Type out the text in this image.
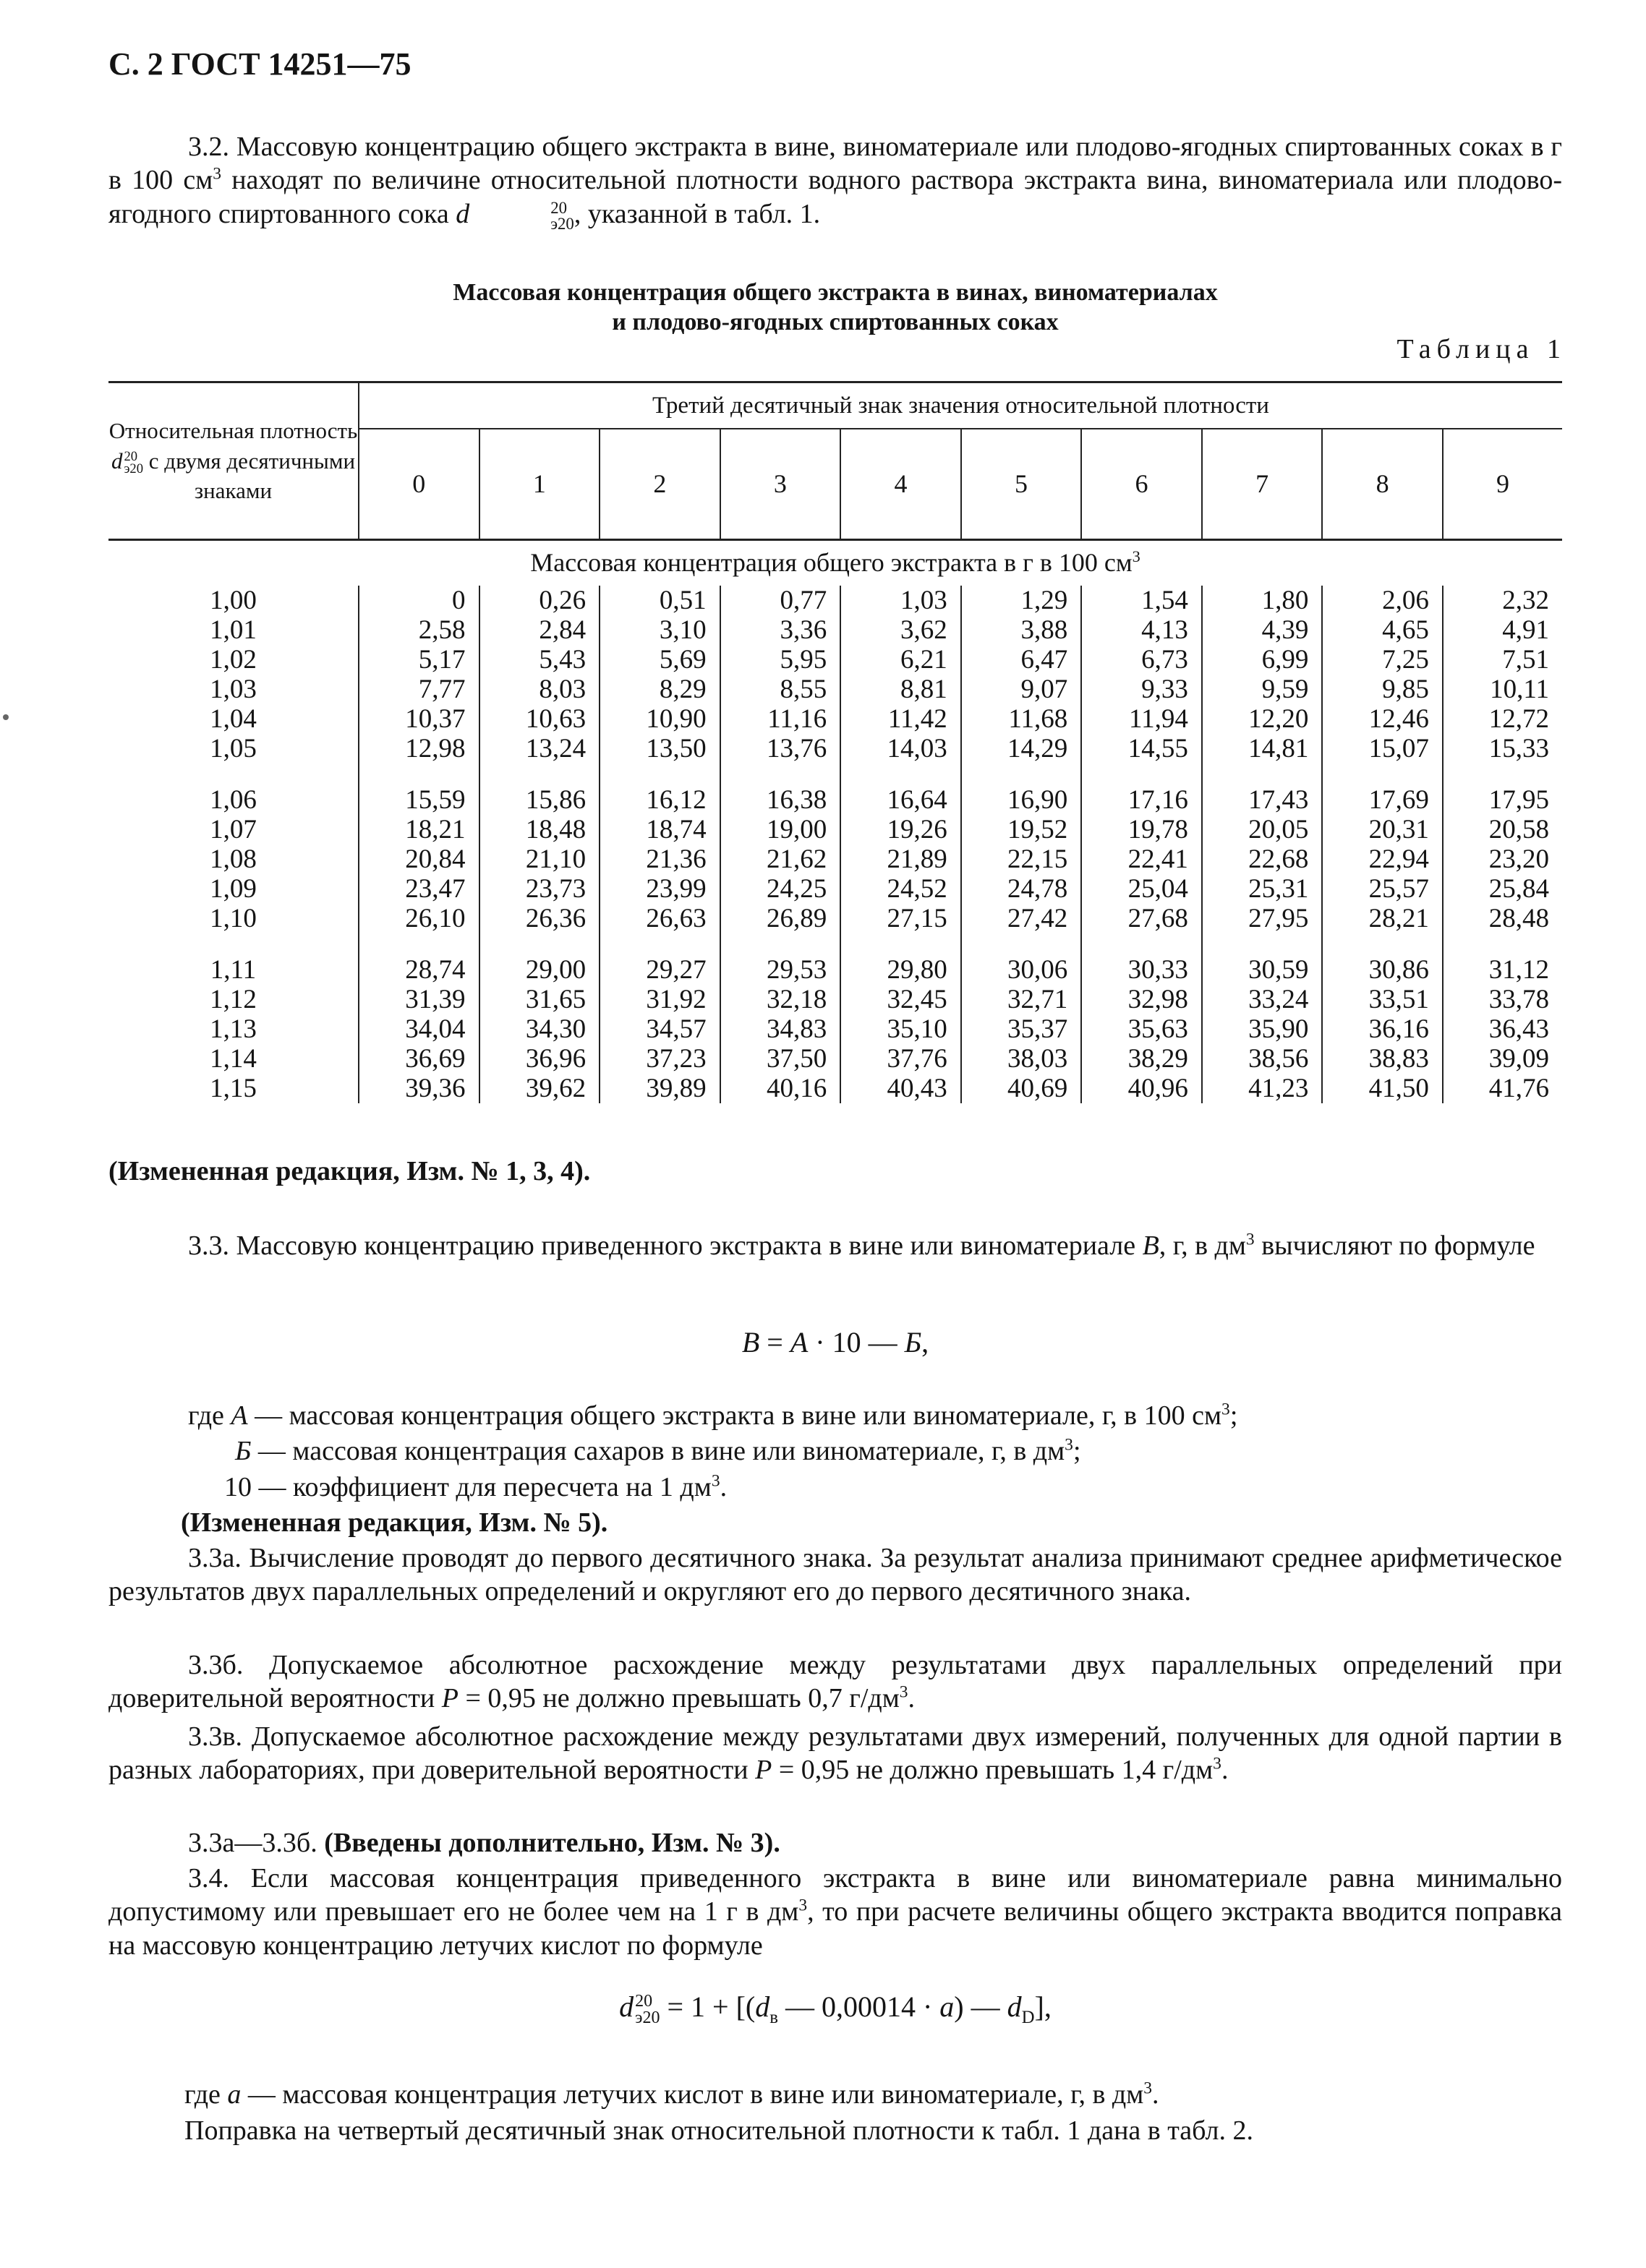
С. 2 ГОСТ 14251—75
3.2. Массовую концентрацию общего экстракта в вине, виноматериале или плодово-ягодных спиртованных соках в г в 100 $см^3$ находят по величине относительной плотности водного раствора экстракта вина, виноматериала или плодово-ягодного спиртованного сока d	20
э20 , указанной в табл. 1.
Массовая концентрация общего экстракта в винах, виноматериалах
и плодово-ягодных спиртованных соках
Таблица 1
Относительная плотность d 20
э20 с двумя десятичными знаками	Третий десятичный знак значения относительной плотности									
	0	1	2	3	4	5	6	7	8	9
Массовая концентрация общего экстракта в г в 100 $см^3$
1,00	0	0,26	0,51	0,77	1,03	1,29	1,54	1,80	2,06	2,32
1,01	2,58	2,84	3,10	3,36	3,62	3,88	4,13	4,39	4,65	4,91
1,02	5,17	5,43	5,69	5,95	6,21	6,47	6,73	6,99	7,25	7,51
1,03	7,77	8,03	8,29	8,55	8,81	9,07	9,33	9,59	9,85	10,11
1,04	10,37	10,63	10,90	11,16	11,42	11,68	11,94	12,20	12,46	12,72
1,05	12,98	13,24	13,50	13,76	14,03	14,29	14,55	14,81	15,07	15,33

1,06	15,59	15,86	16,12	16,38	16,64	16,90	17,16	17,43	17,69	17,95
1,07	18,21	18,48	18,74	19,00	19,26	19,52	19,78	20,05	20,31	20,58
1,08	20,84	21,10	21,36	21,62	21,89	22,15	22,41	22,68	22,94	23,20
1,09	23,47	23,73	23,99	24,25	24,52	24,78	25,04	25,31	25,57	25,84
1,10	26,10	26,36	26,63	26,89	27,15	27,42	27,68	27,95	28,21	28,48

1,11	28,74	29,00	29,27	29,53	29,80	30,06	30,33	30,59	30,86	31,12
1,12	31,39	31,65	31,92	32,18	32,45	32,71	32,98	33,24	33,51	33,78
1,13	34,04	34,30	34,57	34,83	35,10	35,37	35,63	35,90	36,16	36,43
1,14	36,69	36,96	37,23	37,50	37,76	38,03	38,29	38,56	38,83	39,09
1,15	39,36	39,62	39,89	40,16	40,43	40,69	40,96	41,23	41,50	41,76
(Измененная редакция, Изм. № 1, 3, 4).
3.3. Массовую концентрацию приведенного экстракта в вине или виноматериале В, г, в $дм^3$ вычисляют по формуле
В = А · 10 — Б,
где А — массовая концентрация общего экстракта в вине или виноматериале, г, в 100 $см^3$;
Б — массовая концентрация сахаров в вине или виноматериале, г, в $дм^3$;
10 — коэффициент для пересчета на 1 $дм^3$.
(Измененная редакция, Изм. № 5).
3.3а. Вычисление проводят до первого десятичного знака. За результат анализа принимают среднее арифметическое результатов двух параллельных определений и округляют его до первого десятичного знака.
3.3б. Допускаемое абсолютное расхождение между результатами двух параллельных определений при доверительной вероятности Р = 0,95 не должно превышать 0,7 $г/дм^3$.
3.3в. Допускаемое абсолютное расхождение между результатами двух измерений, полученных для одной партии в разных лабораториях, при доверительной вероятности Р = 0,95 не должно превышать 1,4 $г/дм^3$.
3.3а—3.3б. (Введены дополнительно, Изм. № 3).
3.4. Если массовая концентрация приведенного экстракта в вине или виноматериале равна минимально допустимому или превышает его не более чем на 1 г в $дм^3$, то при расчете величины общего экстракта вводится поправка на массовую концентрацию летучих кислот по формуле
d 20
$э20 = 1 + [(d_в$ — 0,00014 · а) — $d_D$],
где а — массовая концентрация летучих кислот в вине или виноматериале, г, в $дм^3$.
Поправка на четвертый десятичный знак относительной плотности к табл. 1 дана в табл. 2.
